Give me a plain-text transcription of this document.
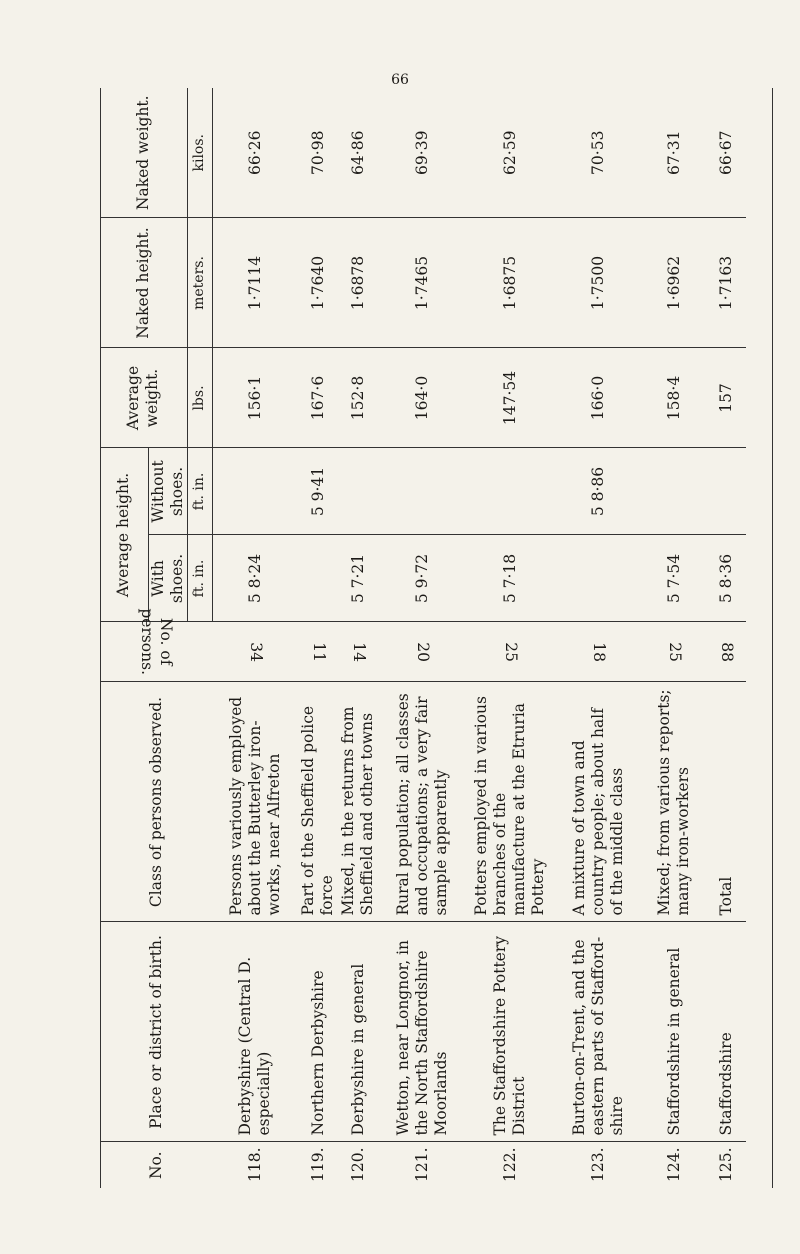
66
No.	Place or district of birth.	Class of persons observed.	No. of persons.	Average height.		Average weight.	Naked height.	Naked weight.
				With shoes.	Without shoes.			
				ft. in.	ft. in.	lbs.	meters.	kilos.
118.	Derbyshire (Central D. especially)	Persons variously employed about the Butterley iron-works, near Alfreton	34	5 8·24		156·1	1·7114	66·26
119.	Northern Derbyshire	Part of the Sheffield police force	11		5 9·41	167·6	1·7640	70·98
120.	Derbyshire in general	Mixed, in the returns from Sheffield and other towns	14	5 7·21		152·8	1·6878	64·86
121.	Wetton, near Longnor, in the North Staffordshire Moorlands	Rural population; all classes and occupations; a very fair sample apparently	20	5 9·72		164·0	1·7465	69·39
122.	The Staffordshire Pottery District	Potters employed in various branches of the manufacture at the Etruria Pottery	25	5 7·18		147·54	1·6875	62·59
123.	Burton-on-Trent, and the eastern parts of Stafford-shire	A mixture of town and country people; about half of the middle class	18		5 8·86	166·0	1·7500	70·53
124.	Staffordshire in general	Mixed; from various reports; many iron-workers	25	5 7·54		158·4	1·6962	67·31
125.	Staffordshire	Total	88	5 8·36		157	1·7163	66·67
